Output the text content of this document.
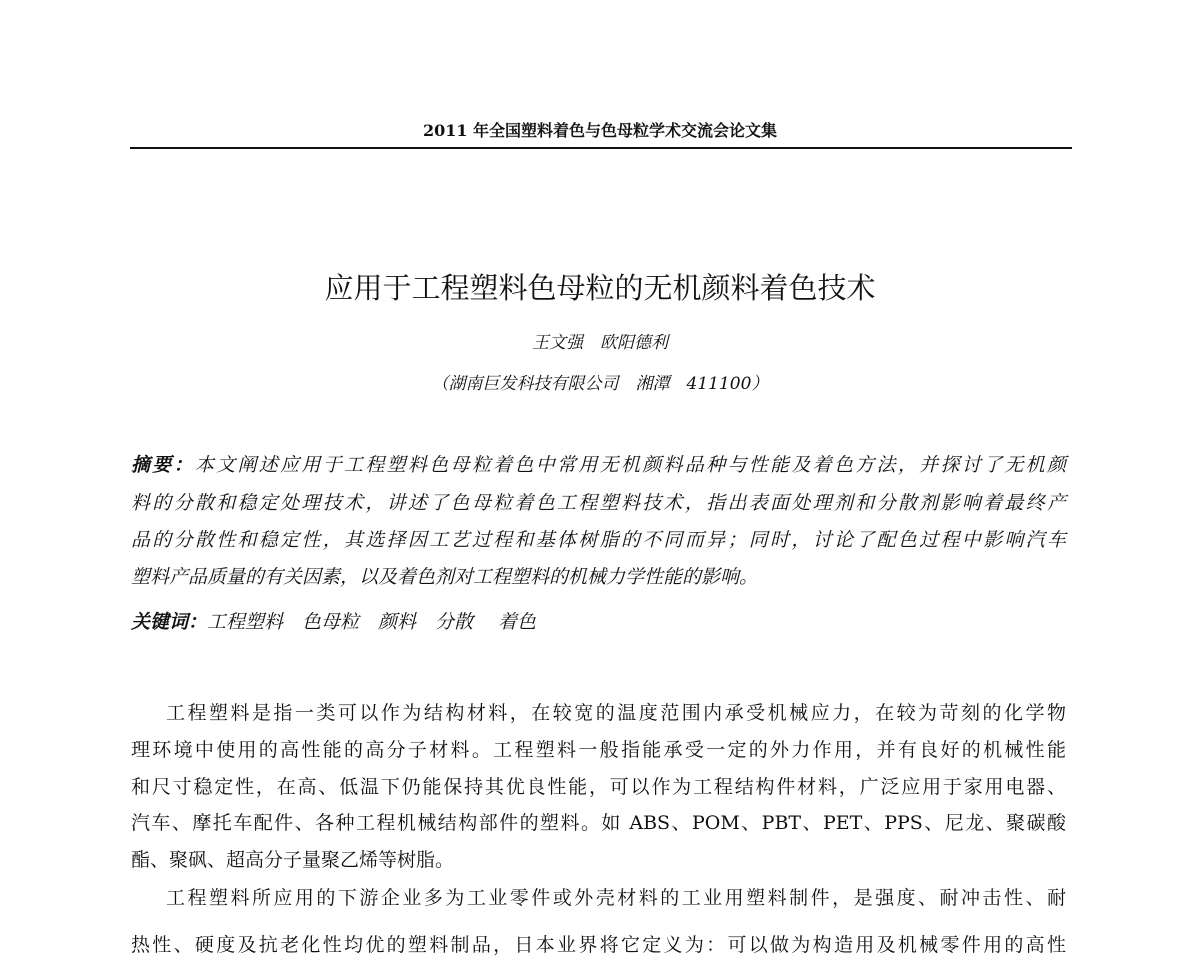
2011 年全国塑料着色与色母粒学术交流会论文集
应用于工程塑料色母粒的无机颜料着色技术
王文强　欧阳德利
（湖南巨发科技有限公司　湘潭　411100）
摘要：本文阐述应用于工程塑料色母粒着色中常用无机颜料品种与性能及着色方法，并探讨了无机颜
料的分散和稳定处理技术，讲述了色母粒着色工程塑料技术，指出表面处理剂和分散剂影响着最终产
品的分散性和稳定性，其选择因工艺过程和基体树脂的不同而异；同时，讨论了配色过程中影响汽车
塑料产品质量的有关因素，以及着色剂对工程塑料的机械力学性能的影响。
关键词：工程塑料　色母粒　颜料　分散　 着色
工程塑料是指一类可以作为结构材料，在较宽的温度范围内承受机械应力，在较为苛刻的化学物
理环境中使用的高性能的高分子材料。工程塑料一般指能承受一定的外力作用，并有良好的机械性能
和尺寸稳定性，在高、低温下仍能保持其优良性能，可以作为工程结构件材料，广泛应用于家用电器、
汽车、摩托车配件、各种工程机械结构部件的塑料。如 ABS、POM、PBT、PET、PPS、尼龙、聚碳酸
酯、聚砜、超高分子量聚乙烯等树脂。
工程塑料所应用的下游企业多为工业零件或外壳材料的工业用塑料制件，是强度、耐冲击性、耐
热性、硬度及抗老化性均优的塑料制品，日本业界将它定义为：可以做为构造用及机械零件用的高性
